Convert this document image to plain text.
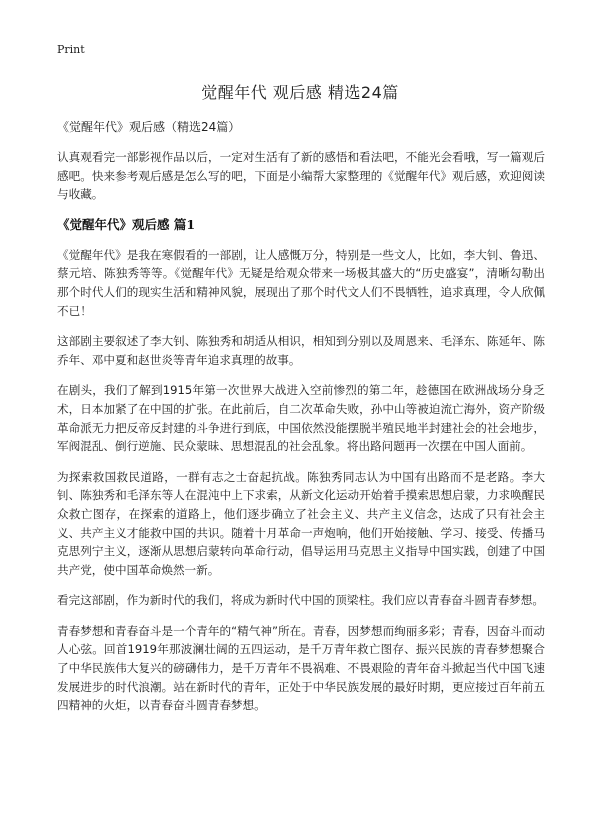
Print
觉醒年代 观后感 精选24篇

《觉醒年代》观后感（精选24篇）

认真观看完一部影视作品以后，一定对生活有了新的感悟和看法吧，不能光会看哦，写一篇观后感吧。快来参考观后感是怎么写的吧，下面是小编帮大家整理的《觉醒年代》观后感，欢迎阅读与收藏。

《觉醒年代》观后感 篇1

《觉醒年代》是我在寒假看的一部剧，让人感慨万分，特别是一些文人，比如，李大钊、鲁迅、蔡元培、陈独秀等等。《觉醒年代》无疑是给观众带来一场极其盛大的“历史盛宴”，清晰勾勒出那个时代人们的现实生活和精神风貌，展现出了那个时代文人们不畏牺牲，追求真理，令人欣佩不已！

这部剧主要叙述了李大钊、陈独秀和胡适从相识，相知到分别以及周恩来、毛泽东、陈延年、陈乔年、邓中夏和赵世炎等青年追求真理的故事。

在剧头，我们了解到1915年第一次世界大战进入空前惨烈的第二年，趁德国在欧洲战场分身乏术，日本加紧了在中国的扩张。在此前后，自二次革命失败，孙中山等被迫流亡海外，资产阶级革命派无力把反帝反封建的斗争进行到底，中国依然没能摆脱半殖民地半封建社会的社会地步，军阀混乱、倒行逆施、民众蒙昧、思想混乱的社会乱象。将出路问题再一次摆在中国人面前。

为探索救国救民道路，一群有志之士奋起抗战。陈独秀同志认为中国有出路而不是老路。李大钊、陈独秀和毛泽东等人在混沌中上下求索，从新文化运动开始着手摸索思想启蒙，力求唤醒民众救亡图存，在探索的道路上，他们逐步确立了社会主义、共产主义信念，达成了只有社会主义、共产主义才能救中国的共识。随着十月革命一声炮响，他们开始接触、学习、接受、传播马克思列宁主义，逐渐从思想启蒙转向革命行动，倡导运用马克思主义指导中国实践，创建了中国共产党，使中国革命焕然一新。

看完这部剧，作为新时代的我们，将成为新时代中国的顶梁柱。我们应以青春奋斗圆青春梦想。

青春梦想和青春奋斗是一个青年的“精气神”所在。青春，因梦想而绚丽多彩；青春，因奋斗而动人心弦。回首1919年那波澜壮阔的五四运动，是千万青年救亡图存、振兴民族的青春梦想聚合了中华民族伟大复兴的磅礴伟力，是千万青年不畏祸难、不畏艰险的青年奋斗掀起当代中国飞速发展进步的时代浪潮。站在新时代的青年，正处于中华民族发展的最好时期，更应接过百年前五四精神的火炬，以青春奋斗圆青春梦想。
